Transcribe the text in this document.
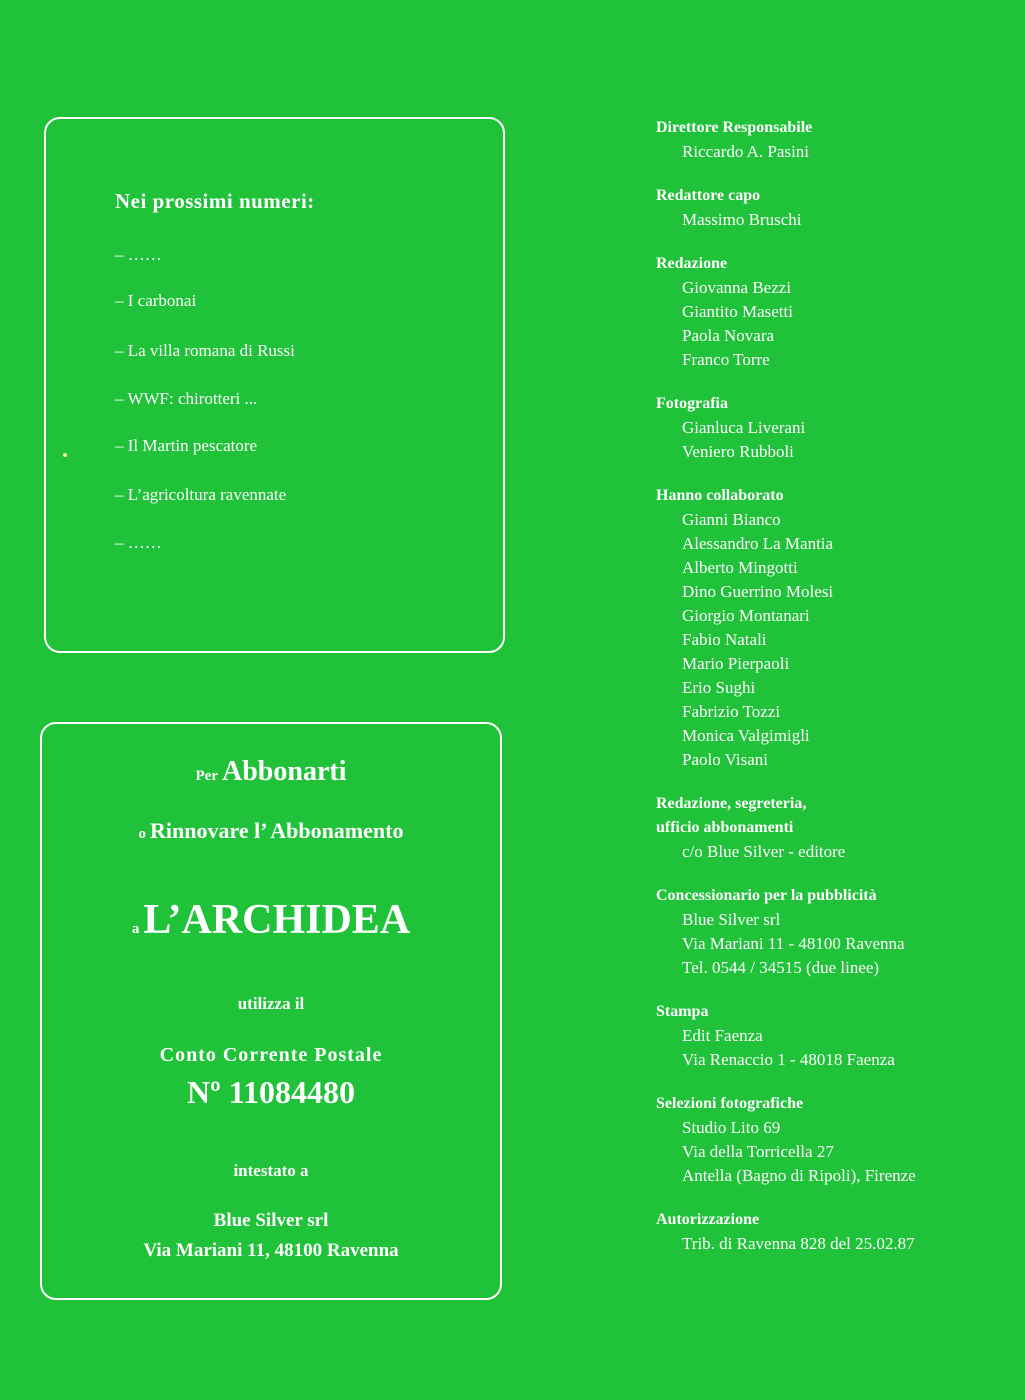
Nei prossimi numeri:
– ……
– I carbonai
– La villa romana di Russi
– WWF: chirotteri ...
– Il Martin pescatore
– L’agricoltura ravennate
– ……
Per Abbonarti
o Rinnovare l’ Abbonamento
a L’ARCHIDEA
utilizza il
Conto Corrente Postale
Nº 11084480
intestato a
Blue Silver srl
Via Mariani 11, 48100 Ravenna
Direttore Responsabile
Riccardo A. Pasini
Redattore capo
Massimo Bruschi
Redazione
Giovanna Bezzi
Giantito Masetti
Paola Novara
Franco Torre
Fotografia
Gianluca Liverani
Veniero Rubboli
Hanno collaborato
Gianni Bianco
Alessandro La Mantia
Alberto Mingotti
Dino Guerrino Molesi
Giorgio Montanari
Fabio Natali
Mario Pierpaoli
Erio Sughi
Fabrizio Tozzi
Monica Valgimigli
Paolo Visani
Redazione, segreteria,
ufficio abbonamenti
c/o Blue Silver - editore
Concessionario per la pubblicità
Blue Silver srl
Via Mariani 11 - 48100 Ravenna
Tel. 0544 / 34515 (due linee)
Stampa
Edit Faenza
Via Renaccio 1 - 48018 Faenza
Selezioni fotografiche
Studio Lito 69
Via della Torricella 27
Antella (Bagno di Ripoli), Firenze
Autorizzazione
Trib. di Ravenna 828 del 25.02.87
